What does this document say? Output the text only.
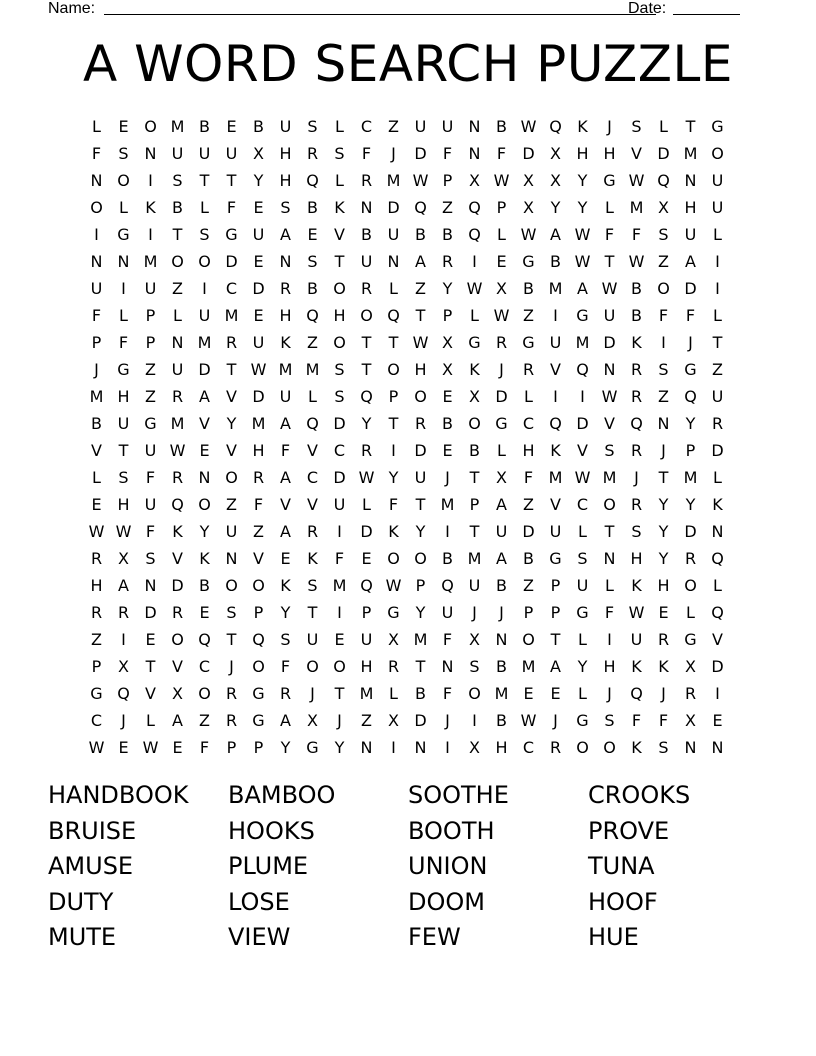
Name:	Date:
A WORD SEARCH PUZZLE
L	E O M B	E	B U	S	L	C Z U U N B W Q K	J	S	L	T G
F	S N U U U X H R	S	F	J	D	F	N	F	D X H H V D M O
N O	I	S	T	T	Y	H Q	L	R M W P	X W X	X	Y G W Q N U
O	L	K	B	L	F	E	S	B	K N D Q Z Q P	X	Y	Y	L M X H U
I	G	I	T	S G U A	E	V	B U B	B Q	L W A W F	F	S	U	L
N N M O O D E N S	T	U N A R	I	E G B W T W Z	A	I
U	I	U Z	I	C D R B O R	L	Z	Y W X	B M A W B O D	I
F	L	P	L	U M E H Q H O Q T	P	L W Z	I	G U B	F	F	L
P	F	P	N M R U K	Z O T	T W X G R G U M D K	I	J	T
J	G Z U D T W M M S	T O H X	K	J	R V Q N R	S G Z
M H Z R A	V D U	L	S Q P O E	X D	L	I	I	W R Z Q U
B U G M V	Y M A Q D Y	T	R B O G C Q D V Q N	Y	R
V	T	U W E	V H	F	V C R	I	D E	B	L	H K	V	S	R	J	P	D
L	S	F	R N O R A C D W Y	U	J	T	X	F M W M	J	T M L
E H U Q O Z	F	V	V U	L	F	T M P	A	Z	V C O R	Y	Y	K
W W F	K	Y	U Z	A R	I	D K	Y	I	T	U D U	L	T	S	Y D N
R X	S	V	K N V	E	K	F	E O O B M A	B G S N H	Y	R Q
H A N D B O O K	S M Q W P Q U B	Z	P	U	L	K H O	L
R R D R	E	S	P	Y	T	I	P G Y	U	J	J	P	P G	F W E	L	Q
Z	I	E O Q T Q S	U	E	U X M F	X N O T	L	I	U R G V
P	X	T	V C	J	O	F	O O H R	T	N S	B M A	Y	H K	K	X D
G Q V	X O R G R	J	T M L	B	F	O M E	E	L	J	Q	J	R	I
C	J	L	A	Z R G A	X	J	Z	X D	J	I	B W	J	G S	F	F	X	E
W E W E	F	P	P	Y G Y	N	I	N	I	X H C R O O K	S N N
HANDBOOK	BAMBOO	SOOTHE	CROOKS
BRUISE	HOOKS	BOOTH	PROVE
AMUSE	PLUME	UNION	TUNA
DUTY	LOSE	DOOM	HOOF
MUTE	VIEW	FEW	HUE
